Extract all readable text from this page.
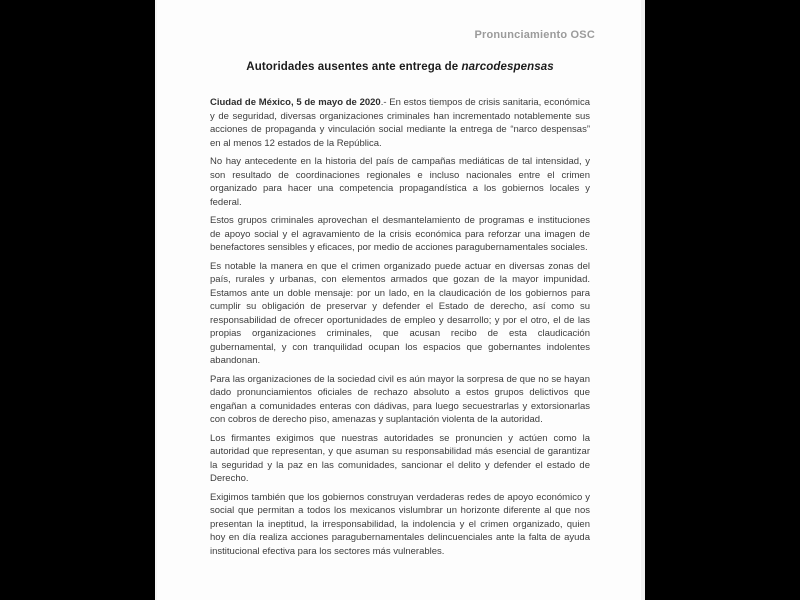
Pronunciamiento OSC
Autoridades ausentes ante entrega de narcodespensas

Ciudad de México, 5 de mayo de 2020.- En estos tiempos de crisis sanitaria, económica y de seguridad, diversas organizaciones criminales han incrementado notablemente sus acciones de propaganda y vinculación social mediante la entrega de “narco despensas” en al menos 12 estados de la República.

No hay antecedente en la historia del país de campañas mediáticas de tal intensidad, y son resultado de coordinaciones regionales e incluso nacionales entre el crimen organizado para hacer una competencia propagandística a los gobiernos locales y federal.

Estos grupos criminales aprovechan el desmantelamiento de programas e instituciones de apoyo social y el agravamiento de la crisis económica para reforzar una imagen de benefactores sensibles y eficaces, por medio de acciones paragubernamentales sociales.

Es notable la manera en que el crimen organizado puede actuar en diversas zonas del país, rurales y urbanas, con elementos armados que gozan de la mayor impunidad. Estamos ante un doble mensaje: por un lado, en la claudicación de los gobiernos para cumplir su obligación de preservar y defender el Estado de derecho, así como su responsabilidad de ofrecer oportunidades de empleo y desarrollo; y por el otro, el de las propias organizaciones criminales, que acusan recibo de esta claudicación gubernamental, y con tranquilidad ocupan los espacios que gobernantes indolentes abandonan.

Para las organizaciones de la sociedad civil es aún mayor la sorpresa de que no se hayan dado pronunciamientos oficiales de rechazo absoluto a estos grupos delictivos que engañan a comunidades enteras con dádivas, para luego secuestrarlas y extorsionarlas con cobros de derecho piso, amenazas y suplantación violenta de la autoridad.

Los firmantes exigimos que nuestras autoridades se pronuncien y actúen como la autoridad que representan, y que asuman su responsabilidad más esencial de garantizar la seguridad y la paz en las comunidades, sancionar el delito y defender el estado de Derecho.

Exigimos también que los gobiernos construyan verdaderas redes de apoyo económico y social que permitan a todos los mexicanos vislumbrar un horizonte diferente al que nos presentan la ineptitud, la irresponsabilidad, la indolencia y el crimen organizado, quien hoy en día realiza acciones paragubernamentales delincuenciales ante la falta de ayuda institucional efectiva para los sectores más vulnerables.
